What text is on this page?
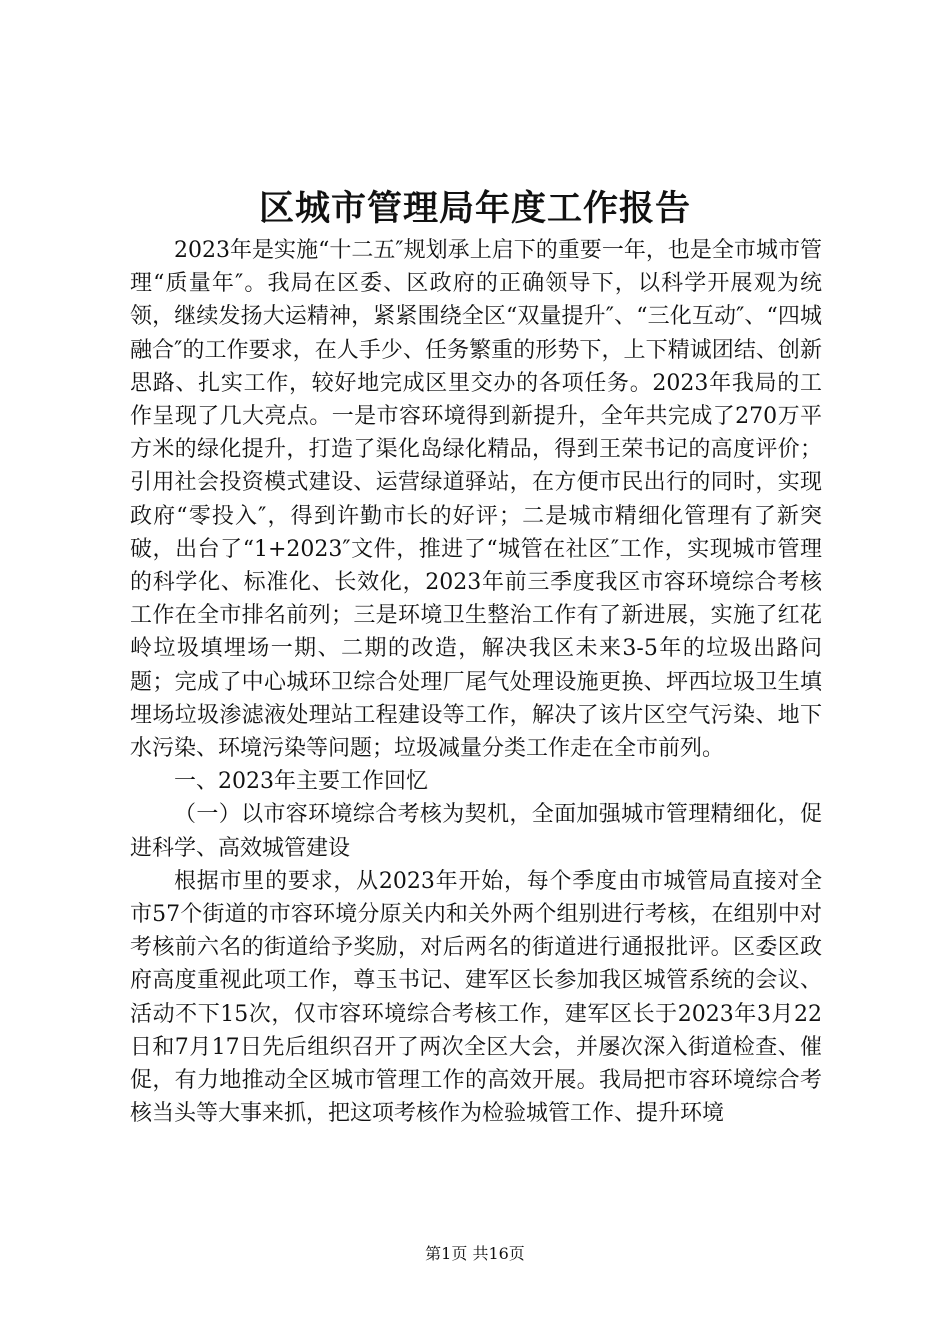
区城市管理局年度工作报告

2023年是实施“十二五″规划承上启下的重要一年，也是全市城市管理“质量年″。我局在区委、区政府的正确领导下，以科学开展观为统领，继续发扬大运精神，紧紧围绕全区“双量提升″、“三化互动″、“四城融合″的工作要求，在人手少、任务繁重的形势下，上下精诚团结、创新思路、扎实工作，较好地完成区里交办的各项任务。2023年我局的工作呈现了几大亮点。一是市容环境得到新提升，全年共完成了270万平方米的绿化提升，打造了渠化岛绿化精品，得到王荣书记的高度评价；引用社会投资模式建设、运营绿道驿站，在方便市民出行的同时，实现政府“零投入″，得到许勤市长的好评；二是城市精细化管理有了新突破，出台了“1+2023″文件，推进了“城管在社区″工作，实现城市管理的科学化、标准化、长效化，2023年前三季度我区市容环境综合考核工作在全市排名前列；三是环境卫生整治工作有了新进展，实施了红花岭垃圾填埋场一期、二期的改造，解决我区未来3-5年的垃圾出路问题；完成了中心城环卫综合处理厂尾气处理设施更换、坪西垃圾卫生填埋场垃圾渗滤液处理站工程建设等工作，解决了该片区空气污染、地下水污染、环境污染等问题；垃圾减量分类工作走在全市前列。

一、2023年主要工作回忆

（一）以市容环境综合考核为契机，全面加强城市管理精细化，促进科学、高效城管建设

根据市里的要求，从2023年开始，每个季度由市城管局直接对全市57个街道的市容环境分原关内和关外两个组别进行考核，在组别中对考核前六名的街道给予奖励，对后两名的街道进行通报批评。区委区政府高度重视此项工作，尊玉书记、建军区长参加我区城管系统的会议、活动不下15次，仅市容环境综合考核工作，建军区长于2023年3月22日和7月17日先后组织召开了两次全区大会，并屡次深入街道检查、催促，有力地推动全区城市管理工作的高效开展。我局把市容环境综合考核当头等大事来抓，把这项考核作为检验城管工作、提升环境

第1页 共16页
